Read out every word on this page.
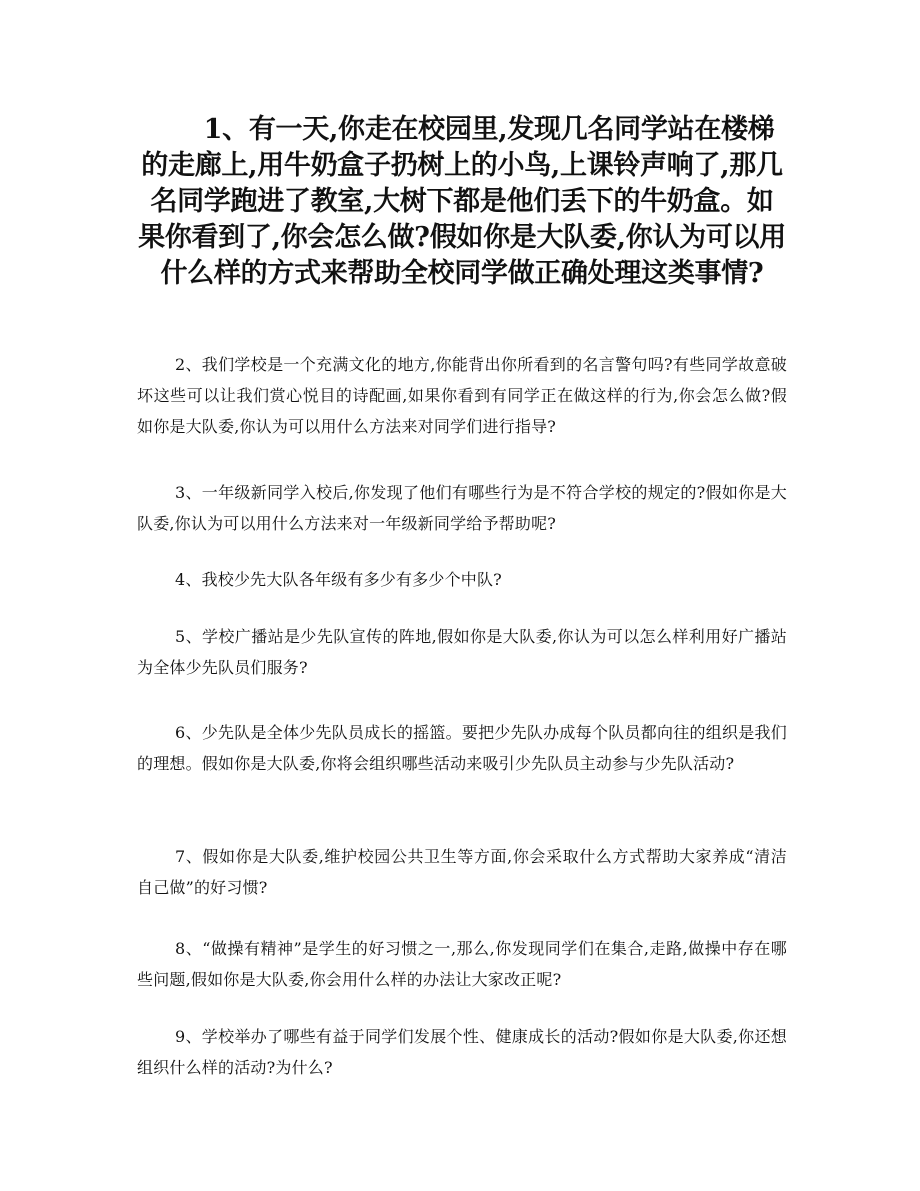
1、有一天,你走在校园里,发现几名同学站在楼梯的走廊上,用牛奶盒子扔树上的小鸟,上课铃声响了,那几名同学跑进了教室,大树下都是他们丢下的牛奶盒。如果你看到了,你会怎么做?假如你是大队委,你认为可以用什么样的方式来帮助全校同学做正确处理这类事情?

2、我们学校是一个充满文化的地方,你能背出你所看到的名言警句吗?有些同学故意破坏这些可以让我们赏心悦目的诗配画,如果你看到有同学正在做这样的行为,你会怎么做?假如你是大队委,你认为可以用什么方法来对同学们进行指导?

3、一年级新同学入校后,你发现了他们有哪些行为是不符合学校的规定的?假如你是大队委,你认为可以用什么方法来对一年级新同学给予帮助呢?

4、我校少先大队各年级有多少有多少个中队?

5、学校广播站是少先队宣传的阵地,假如你是大队委,你认为可以怎么样利用好广播站为全体少先队员们服务?

6、少先队是全体少先队员成长的摇篮。要把少先队办成每个队员都向往的组织是我们的理想。假如你是大队委,你将会组织哪些活动来吸引少先队员主动参与少先队活动?

7、假如你是大队委,维护校园公共卫生等方面,你会采取什么方式帮助大家养成“清洁自己做”的好习惯?

8、“做操有精神”是学生的好习惯之一,那么,你发现同学们在集合,走路,做操中存在哪些问题,假如你是大队委,你会用什么样的办法让大家改正呢?

9、学校举办了哪些有益于同学们发展个性、健康成长的活动?假如你是大队委,你还想组织什么样的活动?为什么?
